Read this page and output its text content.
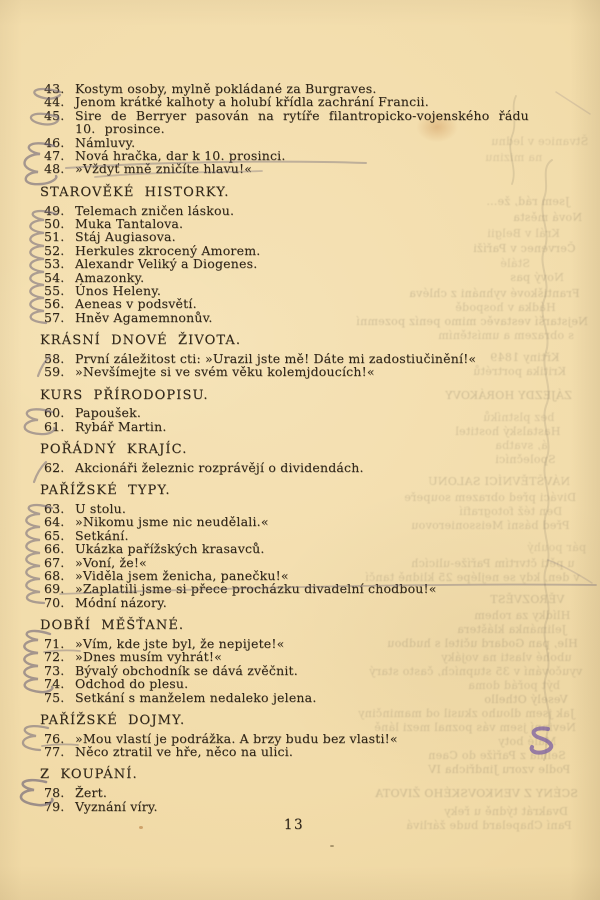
Štvanice v lednu
na mizinu
Jsem rád, že…
Nová města
Král v Belgii
Červenec v Paříži
Stálé
Nový pas
Františkové vyhnáni z chléva
Hádka v hospodě
Nejstarší vestavěc mimo peníz pozemní
s obrazem a umístěním
Křtiny 1849
Kritika portrétů
ZÁJEZDY HORÁKOVY
bez plstníků
Hastalský hostitel
á, svatba
Společníci
NÁVŠTĚVNÍCI SALONU
Diváci před obrazem soupeře
Den též fotografií
Před básní Meissonierovou
pár pouhý
u pěti čtvrtím Paříže-ulicích
v den, kdy se nejlépe 25 klidně tančí
VĚROZVĚST
Hlídky za rohem
Jelimánka kláštera
Hle, pan Godard učitel s hudbou
ubohé vlasti na vojáky
vyučování v 35 stupních, často starý
být pořád doma
Veselý Othello
Jak jsem dlouho zkusil od maminčiny
Nevinní jsem vás poznal mezi láně
Malé boty
Selma z Paříže do Caen
Podle vzoru Jindřicha IV
SCÉNY Z VENKOVSKÉHO ŽIVOTA
Dvakrát týdně u řeky
Paní Chapelard bude žárlivá
43. Kostym osoby, mylně pokládané za Burgraves.
44. Jenom krátké kalhoty a holubí křídla zachrání Francii.
45. Sire de Berryer pasován na rytíře filantropicko-vojenského řádu
10. prosince.
46. Námluvy.
47. Nová hračka, dar k 10. prosinci.
48. »Vždyť mně zničíte hlavu!«
STAROVĚKÉ HISTORKY.
49. Telemach zničen láskou.
50. Muka Tantalova.
51. Stáj Augiasova.
52. Herkules zkrocený Amorem.
53. Alexandr Veliký a Diogenes.
54. Amazonky.
55. Únos Heleny.
56. Aeneas v podsvětí.
57. Hněv Agamemnonův.
KRÁSNÍ DNOVÉ ŽIVOTA.
58. První záležitost cti: »Urazil jste mě! Dáte mi zadostiučinění!«
59. »Nevšímejte si ve svém věku kolemjdoucích!«
KURS PŘÍRODOPISU.
60. Papoušek.
61. Rybář Martin.
POŘÁDNÝ KRAJÍC.
62. Akcionáři železnic rozprávějí o dividendách.
PAŘÍŽSKÉ TYPY.
63. U stolu.
64. »Nikomu jsme nic neudělali.«
65. Setkání.
66. Ukázka pařížských krasavců.
67. »Voní, že!«
68. »Viděla jsem ženicha, panečku!«
69. »Zaplatili jsme si přece procházku divadelní chodbou!«
70. Módní názory.
DOBŘÍ MĚŠŤANÉ.
71. »Vím, kde jste byl, že nepijete!«
72. »Dnes musím vyhrát!«
73. Bývalý obchodník se dává zvěčnit.
74. Odchod do plesu.
75. Setkání s manželem nedaleko jelena.
PAŘÍŽSKÉ DOJMY.
76. »Mou vlastí je podrážka. A brzy budu bez vlasti!«
77. Něco ztratil ve hře, něco na ulici.
Z KOUPÁNÍ.
78. Žert.
79. Vyznání víry.
13
